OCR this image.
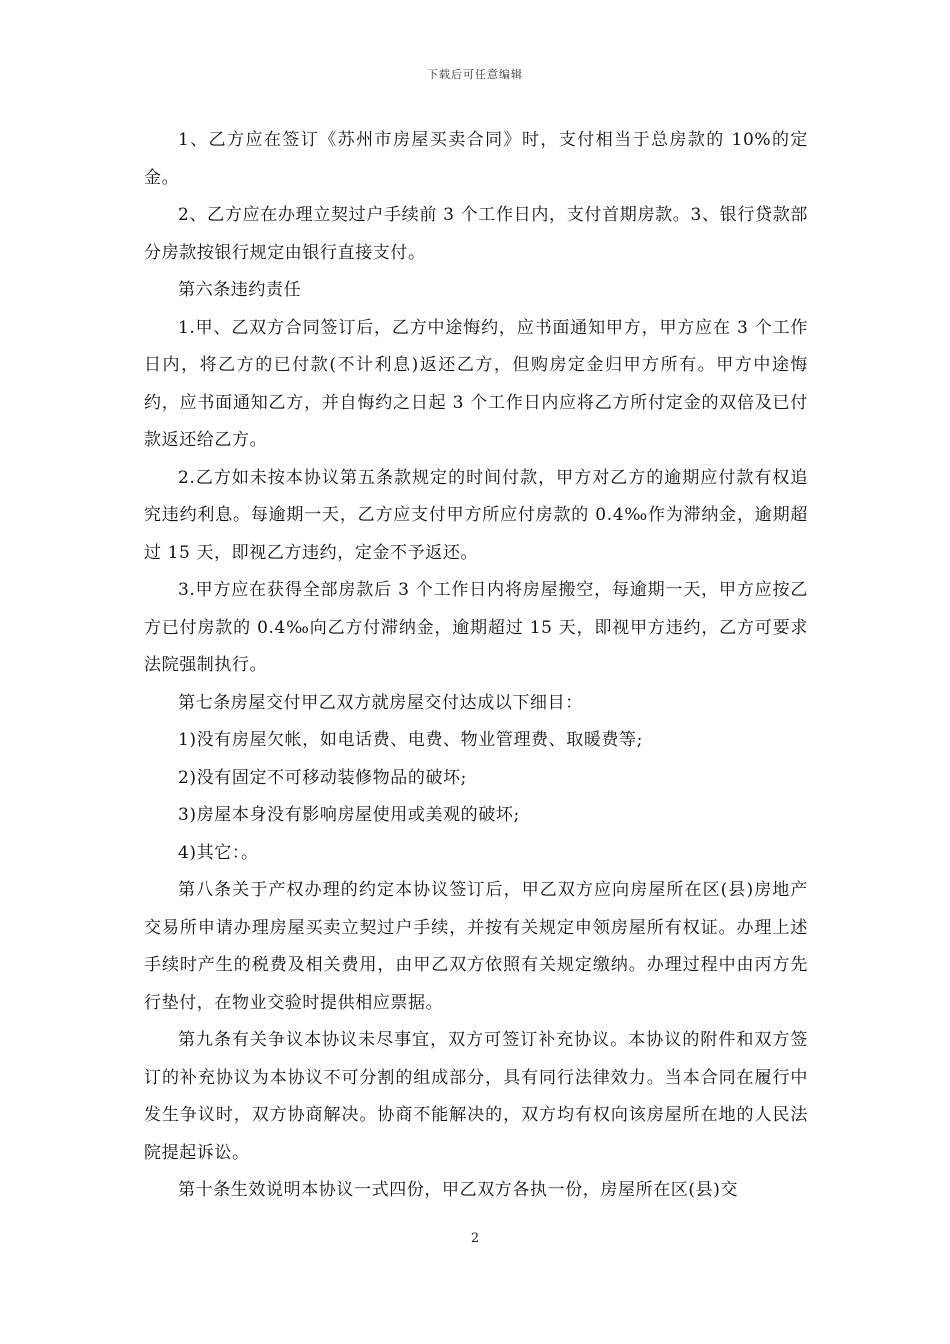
下载后可任意编辑

1、乙方应在签订《苏州市房屋买卖合同》时，支付相当于总房款的 10%的定金。

2、乙方应在办理立契过户手续前 3 个工作日内，支付首期房款。3、银行贷款部分房款按银行规定由银行直接支付。

第六条违约责任

1.甲、乙双方合同签订后，乙方中途悔约，应书面通知甲方，甲方应在 3 个工作日内，将乙方的已付款(不计利息)返还乙方，但购房定金归甲方所有。甲方中途悔约，应书面通知乙方，并自悔约之日起 3 个工作日内应将乙方所付定金的双倍及已付款返还给乙方。

2.乙方如未按本协议第五条款规定的时间付款，甲方对乙方的逾期应付款有权追究违约利息。每逾期一天，乙方应支付甲方所应付房款的 0.4‰作为滞纳金，逾期超过 15 天，即视乙方违约，定金不予返还。

3.甲方应在获得全部房款后 3 个工作日内将房屋搬空，每逾期一天，甲方应按乙方已付房款的 0.4‰向乙方付滞纳金，逾期超过 15 天，即视甲方违约，乙方可要求法院强制执行。

第七条房屋交付甲乙双方就房屋交付达成以下细目：

1)没有房屋欠帐，如电话费、电费、物业管理费、取暖费等;

2)没有固定不可移动装修物品的破坏;

3)房屋本身没有影响房屋使用或美观的破坏;

4)其它：。

第八条关于产权办理的约定本协议签订后，甲乙双方应向房屋所在区(县)房地产交易所申请办理房屋买卖立契过户手续，并按有关规定申领房屋所有权证。办理上述手续时产生的税费及相关费用，由甲乙双方依照有关规定缴纳。办理过程中由丙方先行垫付，在物业交验时提供相应票据。

第九条有关争议本协议未尽事宜，双方可签订补充协议。本协议的附件和双方签订的补充协议为本协议不可分割的组成部分，具有同行法律效力。当本合同在履行中发生争议时，双方协商解决。协商不能解决的，双方均有权向该房屋所在地的人民法院提起诉讼。

第十条生效说明本协议一式四份，甲乙双方各执一份，房屋所在区(县)交

2
